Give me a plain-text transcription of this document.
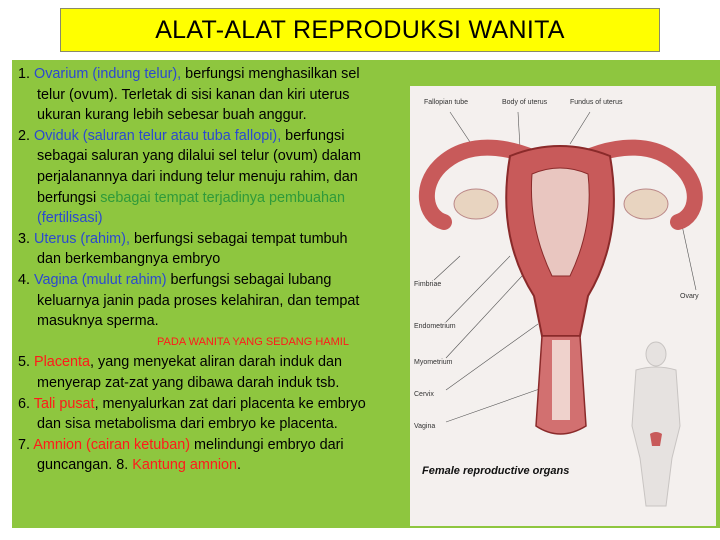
ALAT-ALAT REPRODUKSI WANITA
Fallopian tube	Body of uterus	Fundus of uterus
Fimbriae
Ovary
Endometrium
Myometrium
Cervix
Vagina
Female reproductive organs
1. Ovarium (indung telur), berfungsi menghasilkan sel
telur (ovum). Terletak di sisi kanan dan kiri uterus
ukuran kurang lebih sebesar buah anggur.
2. Oviduk (saluran telur atau tuba fallopi), berfungsi
sebagai saluran yang dilalui sel telur (ovum) dalam
perjalanannya dari indung telur menuju rahim, dan
berfungsi sebagai tempat terjadinya pembuahan
(fertilisasi)
3. Uterus (rahim), berfungsi sebagai tempat tumbuh
dan berkembangnya embryo
4. Vagina (mulut rahim) berfungsi sebagai lubang
keluarnya janin pada proses kelahiran, dan tempat
masuknya sperma.
PADA WANITA YANG SEDANG HAMIL
5. Placenta, yang menyekat aliran darah induk dan
menyerap zat-zat yang dibawa darah induk tsb.
6. Tali pusat, menyalurkan zat dari placenta ke embryo
dan sisa metabolisma dari embryo ke placenta.
7. Amnion (cairan ketuban) melindungi embryo dari
guncangan. 8. Kantung amnion.
